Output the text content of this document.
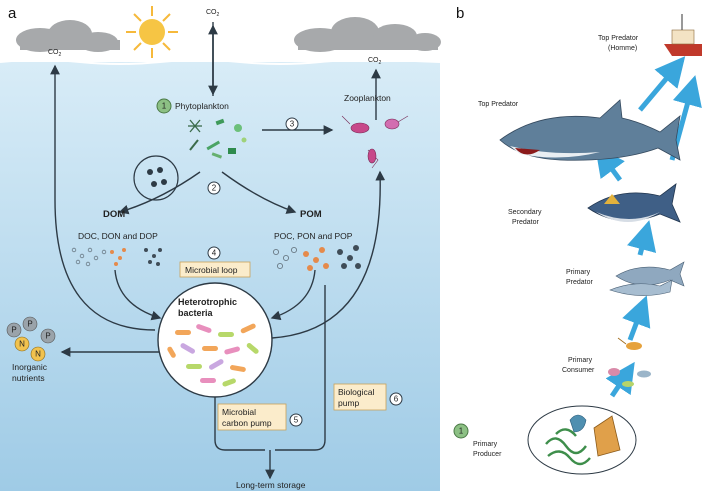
a	$CO_2$
$CO_2$
$CO_2$
1 Phytoplankton
3
Zooplankton
2
DOM	POM
DOC, DON and DOP	POC, PON and POP
4
Microbial loop
Heterotrophic
bacteria
P
P
P
N
N
Inorganic
nutrients
Microbial
carbon pump	5
Biological
pump	6
Long-term storage
b
Top Predator
(Homme)
Top Predator
Secondary
Predator
Primary
Predator
Primary
Consumer
1
Primary
Producer
